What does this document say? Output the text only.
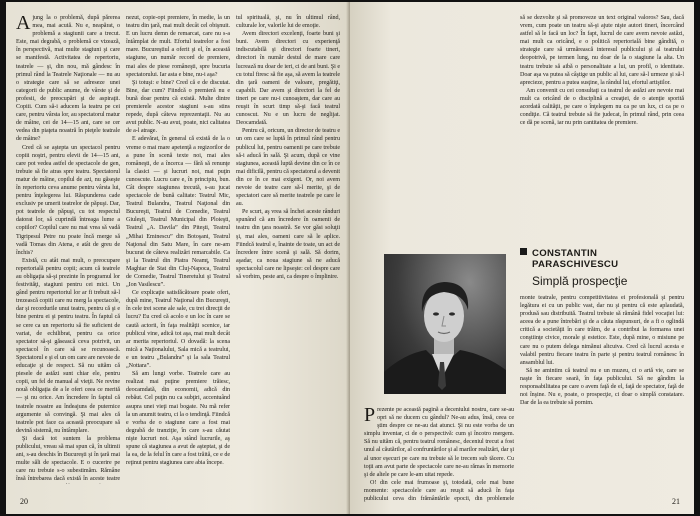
Ajung la o problemă, după părerea mea, mai acută. Nu e, neapărat, o problemă a stagiunii care a trecut. Este, mai degrabă, o problemă ce vizează, în perspectivă, mai multe stagiuni şi care se manifestă. Activitatea de repertoriu, teatrele — şi, din nou, mă gândesc în primul rând la Teatrele Naţionale — nu au o strategie care să se adreseze unei categorii de public anume, de vârste şi de profesii, de preocupări şi de aspiraţii. Copiii. Cum să-i aducem la teatru pe cei care, pentru vârsta lor, au spectatorul matur de mâine, cei de 14—15 ani, care se cer vedea din piaţeta noastră în pieţele teatrale de mâine?

Cred că se aştepta un spectacol pentru copiii noştri, pentru elevii de 14—15 ani, care pot vedea astfel de spectacole de gen, trebuie să fie atras spre teatru. Spectatorul matur de mâine, copilul de azi, nu găseşte în repertoriu ceva anume pentru vârsta lui, pentru înţelegerea lui. Răspunderea cade exclusiv pe umerii teatrelor de păpuşi. Dar, pot teatrele de păpuşi, cu tot respectul datorat lor, să cuprindă întreaga lume a copiilor? Copilul care nu mai vrea să vadă Tigripesul Petre nu poate încă merge să vadă Tomas din Atena, e atât de greu de închis?

Există, cu atât mai mult, o preocupare repertorială pentru copii; acum că teatrele au obligaţia să-şi prezinte în programul lor festivităţi, stagiuni pentru cei mici. Un gând pentru repertoriul lor ar fi trebuit să-l trezească copiii care nu merg la spectacole, dar şi recordurile unui teatru, pentru că şi e bine pentru ei şi pentru teatru. În faptul că se cere ca un repertoriu să fie suficient de variat, de echilibrat, pentru ca orice spectator să-şi găsească ceva potrivit, un spectacol în care să se recunoască. Spectatorul e şi el un om care are nevoie de educaţie şi de respect. Să nu uităm că piesele de astăzi sunt chiar ele, pentru copii, un fel de manual al vieţii. Ne revine nouă obligaţia de a le oferi ceea ce merită — şi nu orice. Am încredere în faptul că teatrele noastre au îndeajuns de puternice argumente să convingă. Şi mai ales că teatrele pot face ca această preocupare să devină sistemă, nu întâmplare.

Şi dacă tot suntem la problema publicului, vreau să mai spun că, în ultimii ani, s-au deschis în Bucureşti şi în ţară mai multe săli de spectacole. E o cucerire pe care nu trebuie s-o subestimăm. Rămâne însă întrebarea dacă există în aceste teatre

nezut, copie-opt premiere, în medie, la un teatru din ţară, mai mult decât cel obişnuit. E un lucru demn de remarcat, care nu s-a întâmplat de mult. Efortul teatrelor a fost mare. Bucureştiul a oferit şi el, în această stagiune, un număr record de premiere, mai ales de piese româneşti, spre bucuria spectatorului. Iar asta e bine, nu-i aşa?

Şi totuşi: e bine? Cred că e de discutat. Bine, dar cum? Fiindcă o premieră nu e bună doar pentru că există. Multe dintre premierele acestor stagiuni s-au stins repede, după câteva reprezentaţii. Nu au avut public. N-au avut, poate, nici calitatea de a-l atrage.

E adevărat, în general că există de la o vreme o mai mare apetenţă a regizorilor de a pune în scenă texte noi, mai ales româneşti, de a încerca — fără să renunţe la clasici — şi lucruri noi, mai puţin cunoscute. Lucru care e, în principiu, bun. Cât despre stagiunea trecută, s-au jucat spectacole de bună calitate: Teatrul Mic, Teatrul Bulandra, Teatrul Naţional din Bucureşti, Teatrul de Comedie, Teatrul Giuleşti, Teatrul Municipal din Ploieşti, Teatrul „A. Davila” din Piteşti, Teatrul „Mihai Eminescu” din Botoşani, Teatrul Naţional din Satu Mare, în care ne-am bucurat de câteva realizări remarcabile. Ca şi la Teatrul din Piatra Neamţ, Teatrul Maghiar de Stat din Cluj-Napoca, Teatrul de Comedie, Teatrul Tineretului şi Teatrul „Ion Vasilescu”.

Ce explicaţie satisfăcătoare poate oferi, după mine, Teatrul Naţional din Bucureşti, în cele trei scene ale sale, cu trei direcţii de lucru? Eu cred că acolo e un loc în care se caută actorii, în faţa realităţii scenice, iar publicul vine, adică tot aşa, mai mult decât ar merita repertoriul. O dovadă: la scena mică a Naţionalului, Sala mică a teatrului, e un teatru „Bulandra” și la sala Teatrul „Nottara”.

Să am lungi vorbe. Teatrele care au realizat mai puţine premiere trăiesc, deocamdată, din economii, adică din rebăut. Cel puţin nu ca subţiri, accentuând asupra unei vieţi mai bogate. Nu mă refer la un anumit teatru, ci la o tendinţă. Fiindcă e vorba de o stagiune care a fost mai degrabă de tranziţie, în care s-au căutat nişte lucruri noi. Aşa stând lucrurile, aş spune că stagiunea a avut de aşteptat, şi de la ea, de la felul în care a fost trăită, ce e de reţinut pentru stagiunea care abia începe.

tul spirituală, şi, nu în ultimul rând, culturale lor, valorile lui de emoţie.

Avem directori excelenţi, foarte buni şi buni. Avem directori cu experienţă indiscutabilă şi directori foarte tineri, directori în număr destul de mare care lucrează nu doar de ieri, ci de ani buni. Şi e cu totul firesc să fie aşa, să avem la teatrele din ţară oameni de valoare, pregătiţi, capabili. Dar avem şi directori la fel de tineri pe care nu-i cunoaştem, dar care au reuşit în scurt timp să-şi facă teatrul cunoscut. Nu e un lucru de neglijat. Deocamdată.

Pentru că, oricum, un director de teatru e un om care se luptă în primul rând pentru publicul lui, pentru oamenii pe care trebuie să-i aducă în sală. Şi acum, după ce vine stagiunea, această luptă devine din ce în ce mai dificilă, pentru că spectatorul a devenit din ce în ce mai exigent. Or, noi avem nevoie de teatre care să-l merite, şi de spectatori care să merite teatrele pe care le au.

Pe scurt, aş vrea să închei aceste rânduri spunând că am încredere în oamenii de teatru din ţara noastră. Se vor găsi soluţii şi, mai ales, oameni care să le aplice. Fiindcă teatrul e, înainte de toate, un act de încredere între scenă şi sală. Să dorim, aşadar, ca noua stagiune să ne aducă spectacolul care ne lipseşte: cel despre care să vorbim, peste ani, ca despre o împlinire.

20

să se dezvolte şi să promoveze un text original valoros? Sau, dacă vrem, cum poate un teatru să-şi ajute nişte autori tineri, încercând astfel să le facă un loc? În fapt, lucrul de care avem nevoie astăzi, mai mult ca oricând, e o politică repertorială bine gândită, o strategie care să urmărească interesul publicului şi al teatrului deopotrivă, pe termen lung, nu doar de la o stagiune la alta. Un teatru trebuie să aibă o personalitate a lui, un profil, o identitate. Doar aşa va putea să câştige un public al lui, care să-l urmeze şi să-l aprecieze, pentru a putea susţine, la rândul lui, efortul artiştilor.

Am convenit cu cei consultaţi ca teatrul de astăzi are nevoie mai mult ca oricând de o disciplină a creaţiei, de o atenţie sporită acordată calităţii, pe care o înţelegem nu ca pe un lux, ci ca pe o condiţie. Că teatrul trebuie să fie judecat, în primul rând, prin ceea ce dă pe scenă, iar nu prin cantitatea de premiere.

CONSTANTIN
PARASCHIVESCU
Simplă prospecţie

Prezente pe această pagină a deceniului nostru, care se-au opri să ne ducem cu gândul? Ne-au adus, însă, ceea ce ştim despre ce ne-au dat atunci. Şi nu este vorba de un simplu inventar, ci de o perspectivă: cum şi încotro mergem. Să nu uităm că, pentru teatrul românesc, deceniul trecut a fost unul al căutărilor, al confruntărilor şi al marilor realizări, dar şi al unor eşecuri pe care nu trebuie să le trecem sub tăcere. Cu toţii am avut parte de spectacole care ne-au rămas în memorie şi de altele pe care le-am uitat repede.

O! din cele mai frumoase şi, totodată, cele mai bune momente: spectacolele care au reuşit să aducă în faţa publicului ceva din frământările epocii, din problemele

monte teatrale, pentru competitivitatea ei profesională şi pentru legătura ei cu un public vast, dar nu şi pentru că este aplaudată, produsă sau distribuită. Teatrul trebuie să rămână fidel vocaţiei lui: aceea de a pune întrebări şi de a căuta răspunsuri, de a fi o oglindă critică a societăţii în care trăim, de a contribui la formarea unei conştiinţe civice, morale şi estetice. Este, după mine, o misiune pe care nu o putem delega nimănui altcuiva. Cred că lucrul acesta e valabil pentru fiecare teatru în parte şi pentru teatrul românesc în ansamblul lui.

Să ne amintim că teatrul nu e un muzeu, ci o artă vie, care se naşte în fiecare seară, în faţa publicului. Să ne gândim la responsabilitatea pe care o avem faţă de el, faţă de spectator, faţă de noi înşine. Nu e, poate, o prospecţie, ci doar o simplă constatare. Dar de la ea trebuie să pornim.

21
